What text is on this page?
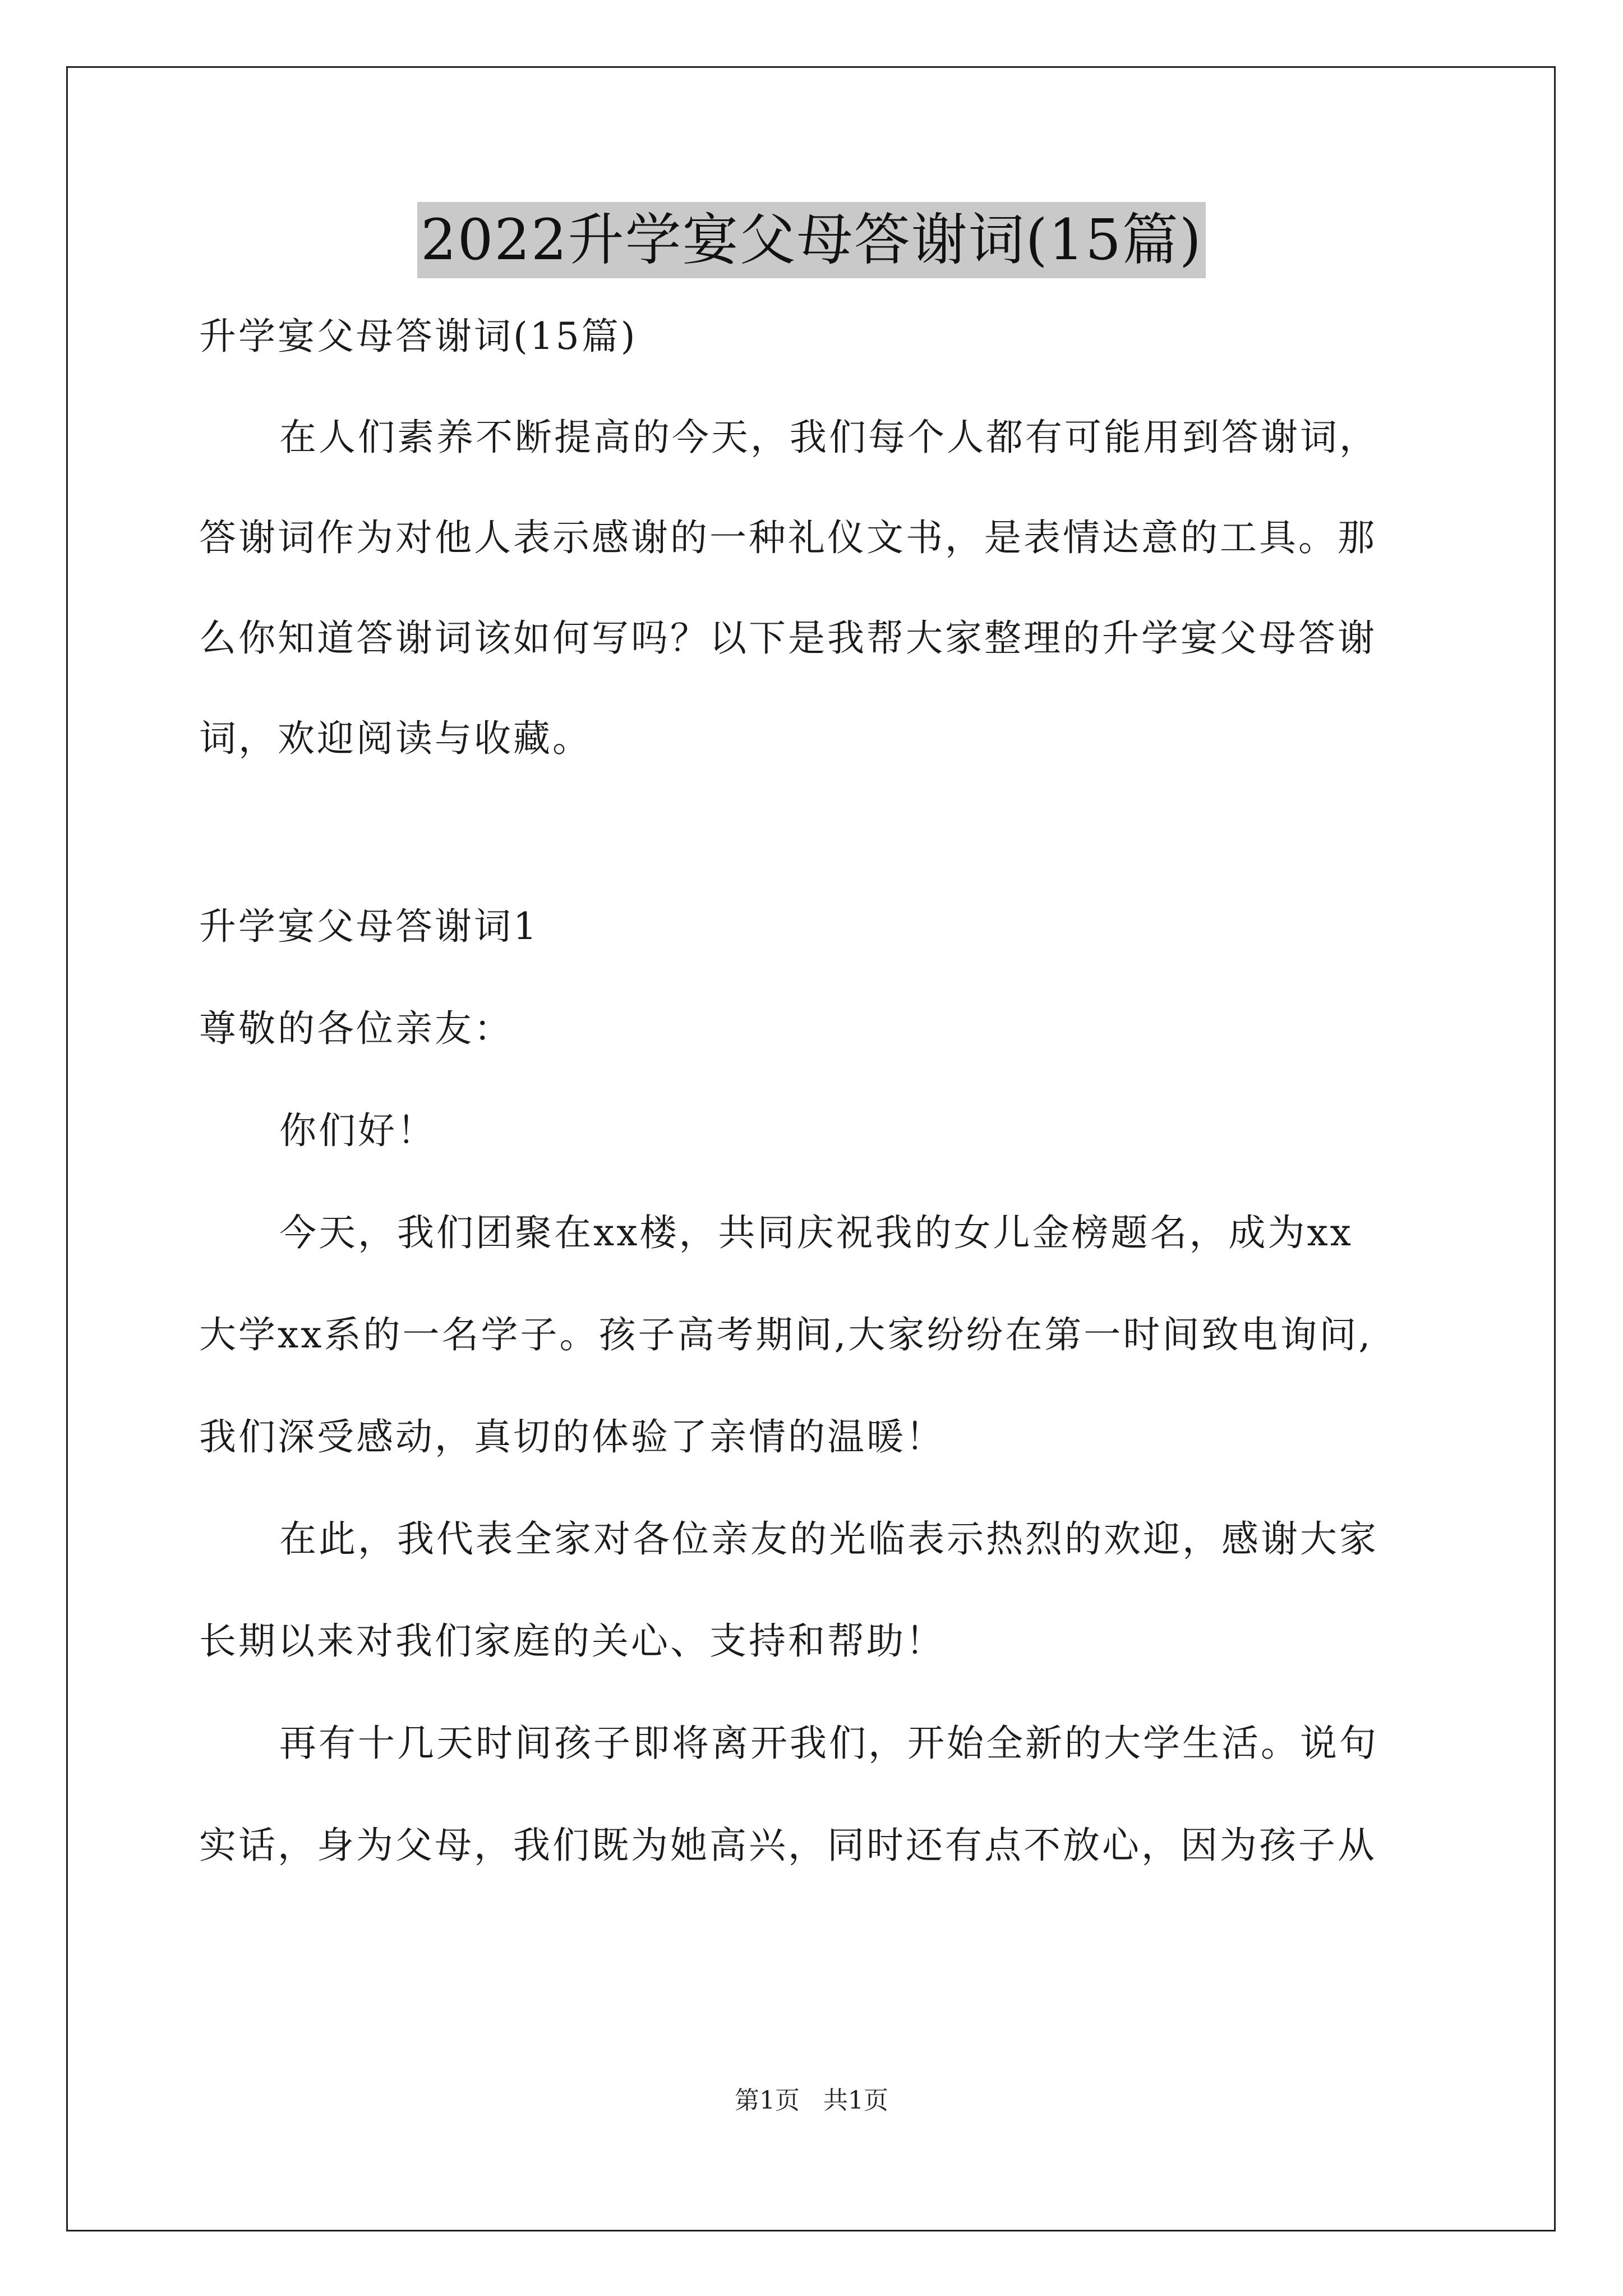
2022升学宴父母答谢词(15篇)

升学宴父母答谢词(15篇)

在人们素养不断提高的今天，我们每个人都有可能用到答谢词，

答谢词作为对他人表示感谢的一种礼仪文书，是表情达意的工具。那

么你知道答谢词该如何写吗？以下是我帮大家整理的升学宴父母答谢

词，欢迎阅读与收藏。

升学宴父母答谢词1

尊敬的各位亲友：

你们好！

今天，我们团聚在xx楼，共同庆祝我的女儿金榜题名，成为xx

大学xx系的一名学子。孩子高考期间,大家纷纷在第一时间致电询问,

我们深受感动，真切的体验了亲情的温暖！

在此，我代表全家对各位亲友的光临表示热烈的欢迎，感谢大家

长期以来对我们家庭的关心、支持和帮助！

再有十几天时间孩子即将离开我们，开始全新的大学生活。说句

实话，身为父母，我们既为她高兴，同时还有点不放心，因为孩子从

第1页   共1页
